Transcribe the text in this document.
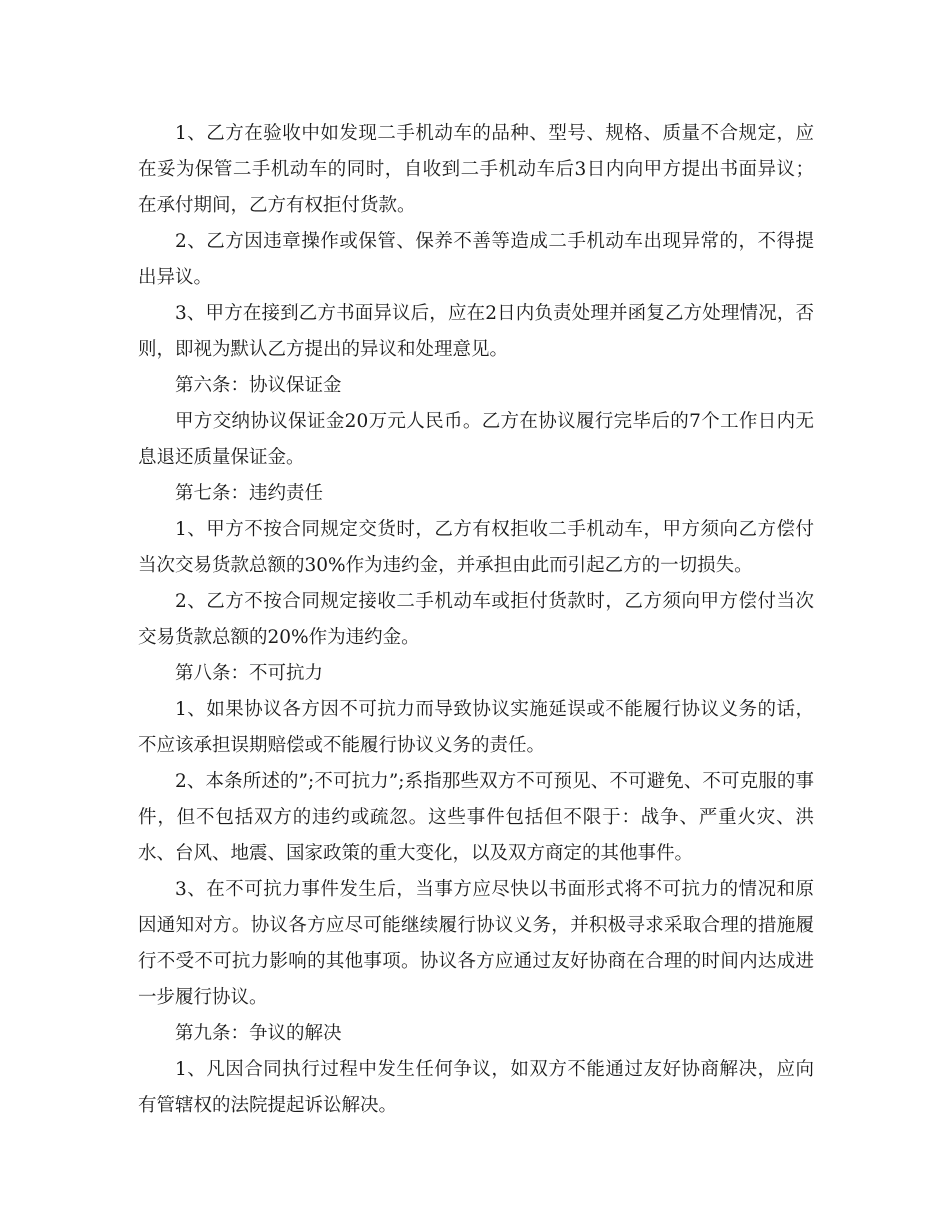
1、乙方在验收中如发现二手机动车的品种、型号、规格、质量不合规定，应在妥为保管二手机动车的同时，自收到二手机动车后3日内向甲方提出书面异议；在承付期间，乙方有权拒付货款。

2、乙方因违章操作或保管、保养不善等造成二手机动车出现异常的，不得提出异议。

3、甲方在接到乙方书面异议后，应在2日内负责处理并函复乙方处理情况，否则，即视为默认乙方提出的异议和处理意见。

第六条：协议保证金

甲方交纳协议保证金20万元人民币。乙方在协议履行完毕后的7个工作日内无息退还质量保证金。

第七条：违约责任

1、甲方不按合同规定交货时，乙方有权拒收二手机动车，甲方须向乙方偿付当次交易货款总额的30%作为违约金，并承担由此而引起乙方的一切损失。

2、乙方不按合同规定接收二手机动车或拒付货款时，乙方须向甲方偿付当次交易货款总额的20%作为违约金。

第八条：不可抗力

1、如果协议各方因不可抗力而导致协议实施延误或不能履行协议义务的话，不应该承担误期赔偿或不能履行协议义务的责任。

2、本条所述的”;不可抗力”;系指那些双方不可预见、不可避免、不可克服的事件，但不包括双方的违约或疏忽。这些事件包括但不限于：战争、严重火灾、洪水、台风、地震、国家政策的重大变化，以及双方商定的其他事件。

3、在不可抗力事件发生后，当事方应尽快以书面形式将不可抗力的情况和原因通知对方。协议各方应尽可能继续履行协议义务，并积极寻求采取合理的措施履行不受不可抗力影响的其他事项。协议各方应通过友好协商在合理的时间内达成进一步履行协议。

第九条：争议的解决

1、凡因合同执行过程中发生任何争议，如双方不能通过友好协商解决，应向有管辖权的法院提起诉讼解决。
